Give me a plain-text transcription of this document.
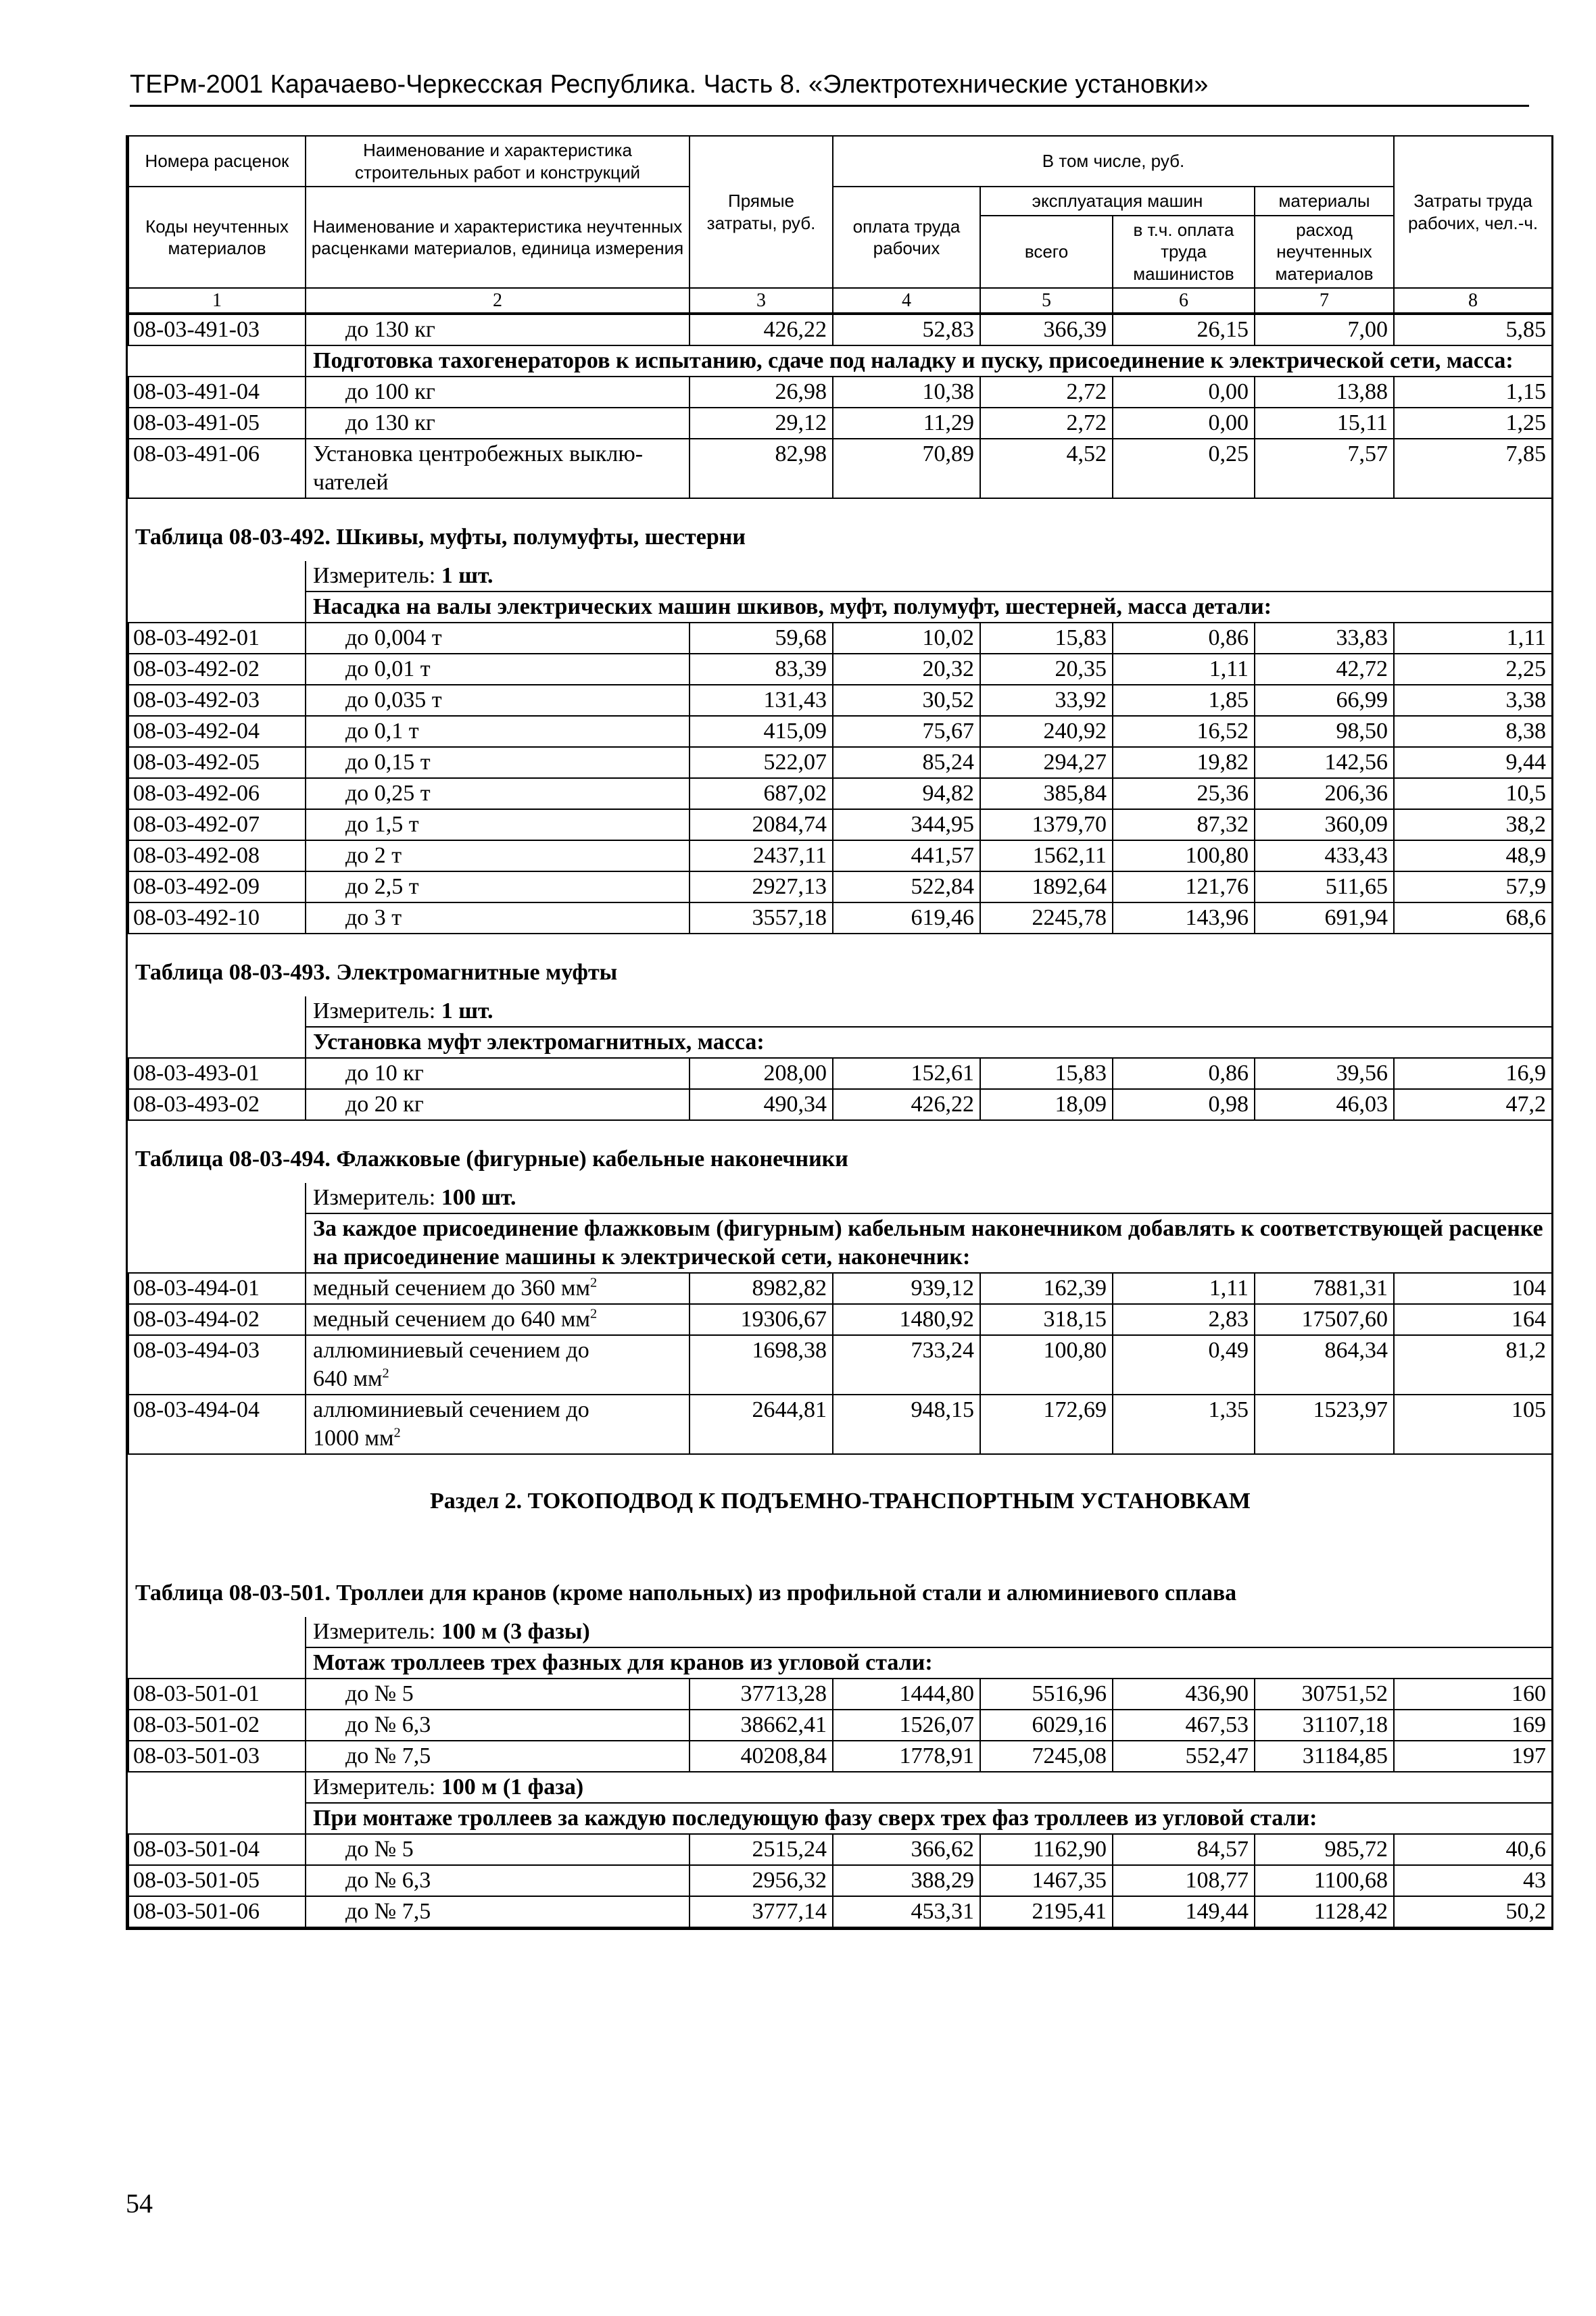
ТЕРм-2001 Карачаево-Черкесская Республика. Часть 8. «Электротехнические установки»
Номера расценок	Наименование и характеристика строительных работ и конструкций	Прямые затраты, руб.	В том числе, руб.				Затраты труда рабочих, чел.-ч.
Коды неучтенных материалов	Наименование и характеристика неучтенных расценками материалов, единица измерения		оплата труда рабочих	эксплуатация машин		материалы	
				всего	в т.ч. оплата труда машинистов	расход неучтенных материалов	
1	2	3	4	5	6	7	8
08-03-491-03	до 130 кг	426,22	52,83	366,39	26,15	7,00	5,85
	Подготовка тахогенераторов к испытанию, сдаче под наладку и пуску, присоединение к электрической сети, масса:						
08-03-491-04	до 100 кг	26,98	10,38	2,72	0,00	13,88	1,15
08-03-491-05	до 130 кг	29,12	11,29	2,72	0,00	15,11	1,25
08-03-491-06	Установка центробежных выклю-чателей	82,98	70,89	4,52	0,25	7,57	7,85
Таблица 08-03-492. Шкивы, муфты, полумуфты, шестерни							
	Измеритель: 1 шт.						
	Насадка на валы электрических машин шкивов, муфт, полумуфт, шестерней, масса детали:						
08-03-492-01	до 0,004 т	59,68	10,02	15,83	0,86	33,83	1,11
08-03-492-02	до 0,01 т	83,39	20,32	20,35	1,11	42,72	2,25
08-03-492-03	до 0,035 т	131,43	30,52	33,92	1,85	66,99	3,38
08-03-492-04	до 0,1 т	415,09	75,67	240,92	16,52	98,50	8,38
08-03-492-05	до 0,15 т	522,07	85,24	294,27	19,82	142,56	9,44
08-03-492-06	до 0,25 т	687,02	94,82	385,84	25,36	206,36	10,5
08-03-492-07	до 1,5 т	2084,74	344,95	1379,70	87,32	360,09	38,2
08-03-492-08	до 2 т	2437,11	441,57	1562,11	100,80	433,43	48,9
08-03-492-09	до 2,5 т	2927,13	522,84	1892,64	121,76	511,65	57,9
08-03-492-10	до 3 т	3557,18	619,46	2245,78	143,96	691,94	68,6
Таблица 08-03-493. Электромагнитные муфты							
	Измеритель: 1 шт.						
	Установка муфт электромагнитных, масса:						
08-03-493-01	до 10 кг	208,00	152,61	15,83	0,86	39,56	16,9
08-03-493-02	до 20 кг	490,34	426,22	18,09	0,98	46,03	47,2
Таблица 08-03-494. Флажковые (фигурные) кабельные наконечники							
	Измеритель: 100 шт.						
	За каждое присоединение флажковым (фигурным) кабельным наконечником добавлять к соответствующей расценке на присоединение машины к электрической сети, наконечник:						
08-03-494-01	медный сечением до 360 $мм^2$	8982,82	939,12	162,39	1,11	7881,31	104
08-03-494-02	медный сечением до 640 $мм^2$	19306,67	1480,92	318,15	2,83	17507,60	164
08-03-494-03	аллюминиевый сечением до
640 $мм^2$	1698,38	733,24	100,80	0,49	864,34	81,2
08-03-494-04	аллюминиевый сечением до
1000 $мм^2$	2644,81	948,15	172,69	1,35	1523,97	105
Раздел 2. ТОКОПОДВОД К ПОДЪЕМНО-ТРАНСПОРТНЫМ УСТАНОВКАМ							
Таблица 08-03-501. Троллеи для кранов (кроме напольных) из профильной стали и алюминиевого сплава							
	Измеритель: 100 м (3 фазы)						
	Мотаж троллеев трех фазных для кранов из угловой стали:						
08-03-501-01	до № 5	37713,28	1444,80	5516,96	436,90	30751,52	160
08-03-501-02	до № 6,3	38662,41	1526,07	6029,16	467,53	31107,18	169
08-03-501-03	до № 7,5	40208,84	1778,91	7245,08	552,47	31184,85	197
	Измеритель: 100 м (1 фаза)						
	При монтаже троллеев за каждую последующую фазу сверх трех фаз троллеев из угловой стали:						
08-03-501-04	до № 5	2515,24	366,62	1162,90	84,57	985,72	40,6
08-03-501-05	до № 6,3	2956,32	388,29	1467,35	108,77	1100,68	43
08-03-501-06	до № 7,5	3777,14	453,31	2195,41	149,44	1128,42	50,2
54
